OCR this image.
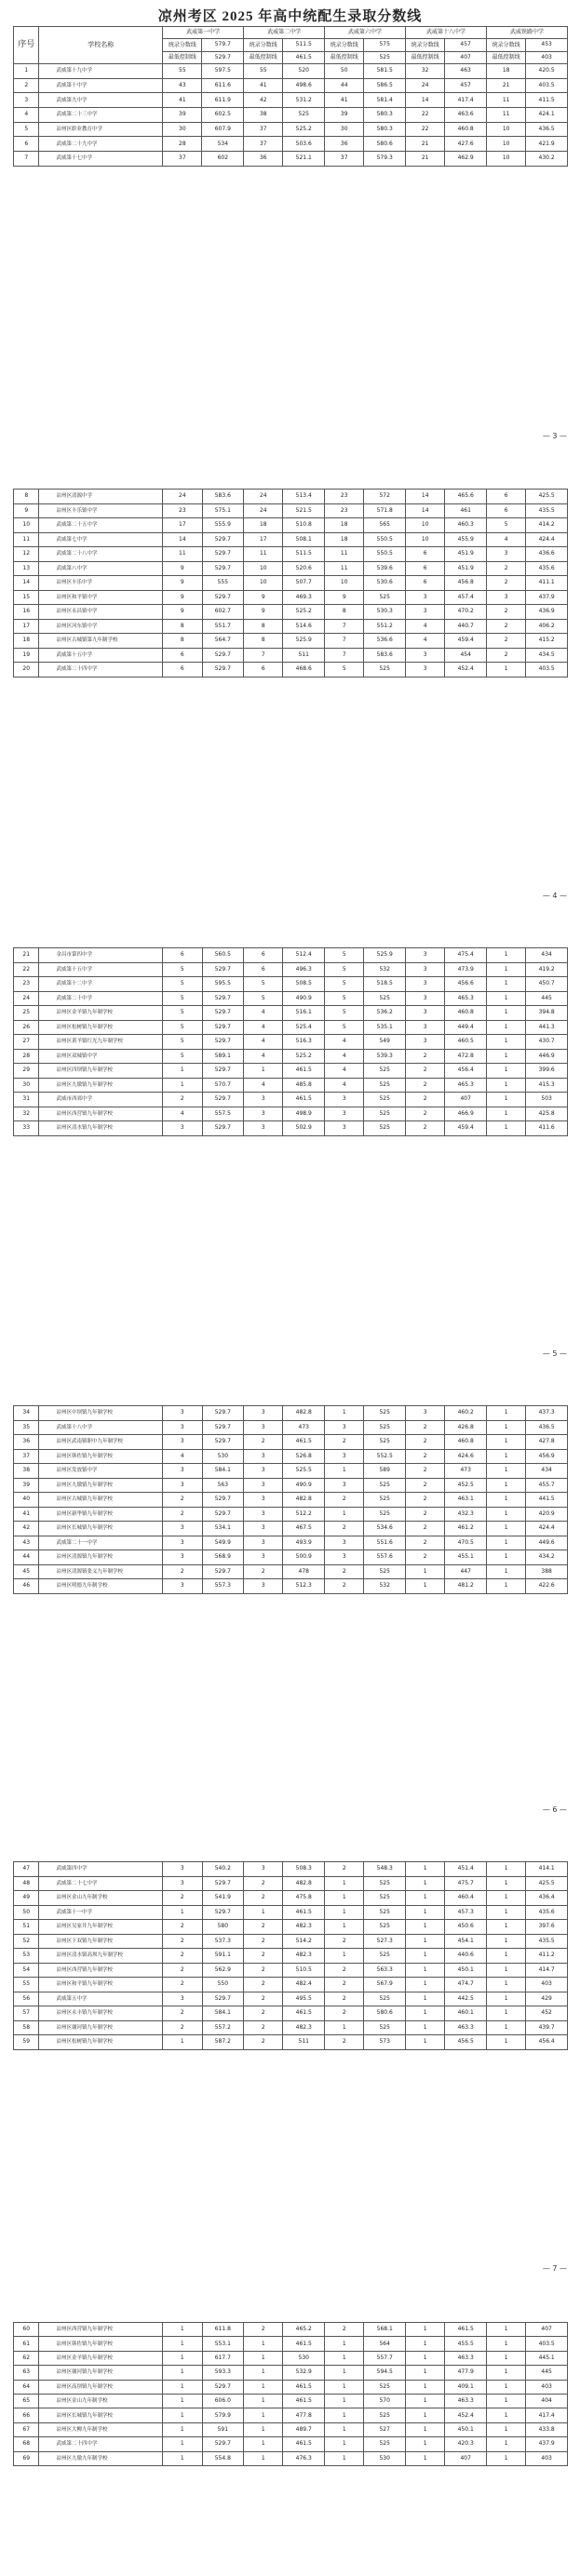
凉州考区 2025 年高中统配生录取分数线
序号	学校名称	武威第一中学		武威第二中学		武威第六中学		武威第十八中学		武威铁路中学	
		统录分数线	579.7	统录分数线	511.5	统录分数线	575	统录分数线	457	统录分数线	453
		最低控制线	529.7	最低控制线	461.5	最低控制线	525	最低控制线	407	最低控制线	403
1	武威第十九中学	55	597.5	55	520	50	581.5	32	463	18	420.5
2	武威第十中学	43	611.6	41	498.6	44	586.5	24	457	21	403.5
3	武威第九中学	41	611.9	42	531.2	41	581.4	14	417.4	11	411.5
4	武威第二十三中学	39	602.5	38	525	39	580.3	22	463.6	11	424.1
5	凉州区职业教育中学	30	607.9	37	525.2	30	580.3	22	460.8	10	436.5
6	武威第二十九中学	28	534	37	503.6	36	580.6	21	427.6	10	421.9
7	武威第十七中学	37	602	36	521.1	37	579.3	21	462.9	10	430.2
— 3 —
8	凉州区清源中学	24	583.6	24	513.4	23	572	14	465.6	6	425.5
9	凉州区丰乐镇中学	23	575.1	24	521.5	23	571.8	14	461	6	435.5
10	武威第二十五中学	17	555.9	18	510.8	18	565	10	460.3	5	414.2
11	武威第七中学	14	529.7	17	508.1	18	550.5	10	455.9	4	424.4
12	武威第二十八中学	11	529.7	11	511.5	11	550.5	6	451.9	3	436.6
13	武威第八中学	9	529.7	10	520.6	11	539.6	6	451.9	2	435.6
14	凉州区丰乐中学	9	555	10	507.7	10	530.6	6	456.8	2	411.1
15	凉州区和平镇中学	9	529.7	9	469.3	9	525	3	457.4	3	437.9
16	凉州区永昌镇中学	9	602.7	9	525.2	8	530.3	3	470.2	2	436.9
17	凉州区河东镇中学	8	551.7	8	514.6	7	551.2	4	440.7	2	406.2
18	凉州区古城镇第九年制学校	8	564.7	8	525.9	7	536.6	4	459.4	2	415.2
19	武威第十五中学	6	529.7	7	511	7	583.6	3	454	2	434.5
20	武威第二十四中学	6	529.7	6	468.6	5	525	3	452.4	1	403.5
— 4 —
21	金昌市第四中学	6	560.5	6	512.4	5	525.9	3	475.4	1	434
22	武威第十五中学	5	529.7	6	496.3	5	532	3	473.9	1	419.2
23	武威第十二中学	5	595.5	5	508.5	5	518.5	3	456.6	1	450.7
24	武威第二十中学	5	529.7	5	490.9	5	525	3	465.3	1	445
25	凉州区金羊镇九年制学校	5	529.7	4	516.1	5	536.2	3	460.8	1	394.8
26	凉州区松树镇九年制学校	5	529.7	4	525.4	5	535.1	3	449.4	1	441.3
27	凉州区黄羊镇红光九年制学校	5	529.7	4	516.3	4	549	3	460.5	1	430.7
28	凉州区双城镇中学	5	589.1	4	525.2	4	539.3	2	472.8	1	446.9
29	凉州区四坝镇九年制学校	1	529.7	1	461.5	4	525	2	456.4	1	399.6
30	凉州区九墩镇九年制学校	1	570.7	4	485.8	4	525	2	465.3	1	415.3
31	武威市西郊中学	2	529.7	3	461.5	3	525	2	407	1	503
32	凉州区西营镇九年制学校	4	557.5	3	498.9	3	525	2	466.9	1	425.8
33	凉州区清水镇九年制学校	3	529.7	3	502.9	3	525	2	459.4	1	411.6
— 5 —
34	凉州区中坝镇九年制学校	3	529.7	3	482.8	1	525	3	460.2	1	437.3
35	武威第十八中学	3	529.7	3	473	3	525	2	426.8	1	436.5
36	凉州区武南镇职中九年制学校	3	529.7	2	461.5	2	525	2	460.8	1	427.8
37	凉州区韩佐镇九年制学校	4	530	3	526.8	3	552.5	2	424.6	1	456.9
38	凉州区发放镇中学	3	584.1	3	525.5	1	589	2	473	1	434
39	凉州区九墩镇九年制学校	3	563	3	490.9	3	525	2	452.5	1	455.7
40	凉州区古城镇九年制学校	2	529.7	3	482.8	2	525	2	463.1	1	441.5
41	凉州区新华镇九年制学校	2	529.7	3	512.2	1	525	2	432.3	1	420.9
42	凉州区长城镇九年制学校	3	534.1	3	467.5	2	534.6	2	461.2	1	424.4
43	武威第二十一中学	3	549.9	3	493.9	3	551.6	2	470.5	1	449.6
44	凉州区清源镇九年制学校	3	568.9	3	500.9	3	557.6	2	455.1	1	434.2
45	凉州区清源镇张义九年制学校	2	529.7	2	478	2	525	1	447	1	388
46	凉州区明德九年制学校	3	557.3	3	512.3	2	532	1	481.2	1	422.6
— 6 —
47	武威第四中学	3	540.2	3	508.3	2	548.3	1	451.4	1	414.1
48	武威第二十七中学	3	529.7	2	482.8	1	525	1	475.7	1	425.5
49	凉州区金山九年制学校	2	541.9	2	475.8	1	525	1	460.4	1	436.4
50	武威第十一中学	1	529.7	1	461.5	1	525	1	457.3	1	435.6
51	凉州区吴家井九年制学校	2	580	2	482.3	1	525	1	450.6	1	397.6
52	凉州区下双镇九年制学校	2	537.3	2	514.2	2	527.3	1	454.1	1	435.5
53	凉州区清水镇高坝九年制学校	2	591.1	2	482.3	1	525	1	440.6	1	411.2
54	凉州区西营镇九年制学校	2	562.9	2	510.5	2	563.3	1	450.1	1	414.7
55	凉州区和平镇九年制学校	2	550	2	482.4	2	567.9	1	474.7	1	403
56	武威第五中学	3	529.7	2	495.5	2	525	1	442.5	1	429
57	凉州区永丰镇九年制学校	2	584.1	2	461.5	2	580.6	1	460.1	1	452
58	凉州区谢河镇九年制学校	2	557.2	2	482.3	1	525	1	463.3	1	439.7
59	凉州区松树镇九年制学校	1	587.2	2	511	2	573	1	456.5	1	456.4
— 7 —
60	凉州区西营镇九年制学校	1	611.8	2	465.2	2	568.1	1	461.5	1	407
61	凉州区韩佐镇九年制学校	1	553.1	1	461.5	1	564	1	455.5	1	403.5
62	凉州区金羊镇九年制学校	1	617.7	1	530	1	557.7	1	463.3	1	445.1
63	凉州区谢河镇九年制学校	1	593.3	1	532.9	1	594.5	1	477.9	1	445
64	凉州区高坝镇九年制学校	1	529.7	1	461.5	1	525	1	409.1	1	403
65	凉州区金山九年制学校	1	606.0	1	461.5	1	570	1	463.3	1	404
66	凉州区长城镇九年制学校	1	579.9	1	477.8	1	525	1	452.4	1	417.4
67	凉州区大柳九年制学校	1	591	1	489.7	1	527	1	450.1	1	433.8
68	武威第二十四中学	1	529.7	1	461.5	1	525	1	420.3	1	437.9
69	凉州区九墩九年制学校	1	554.8	1	476.3	1	530	1	407	1	403
